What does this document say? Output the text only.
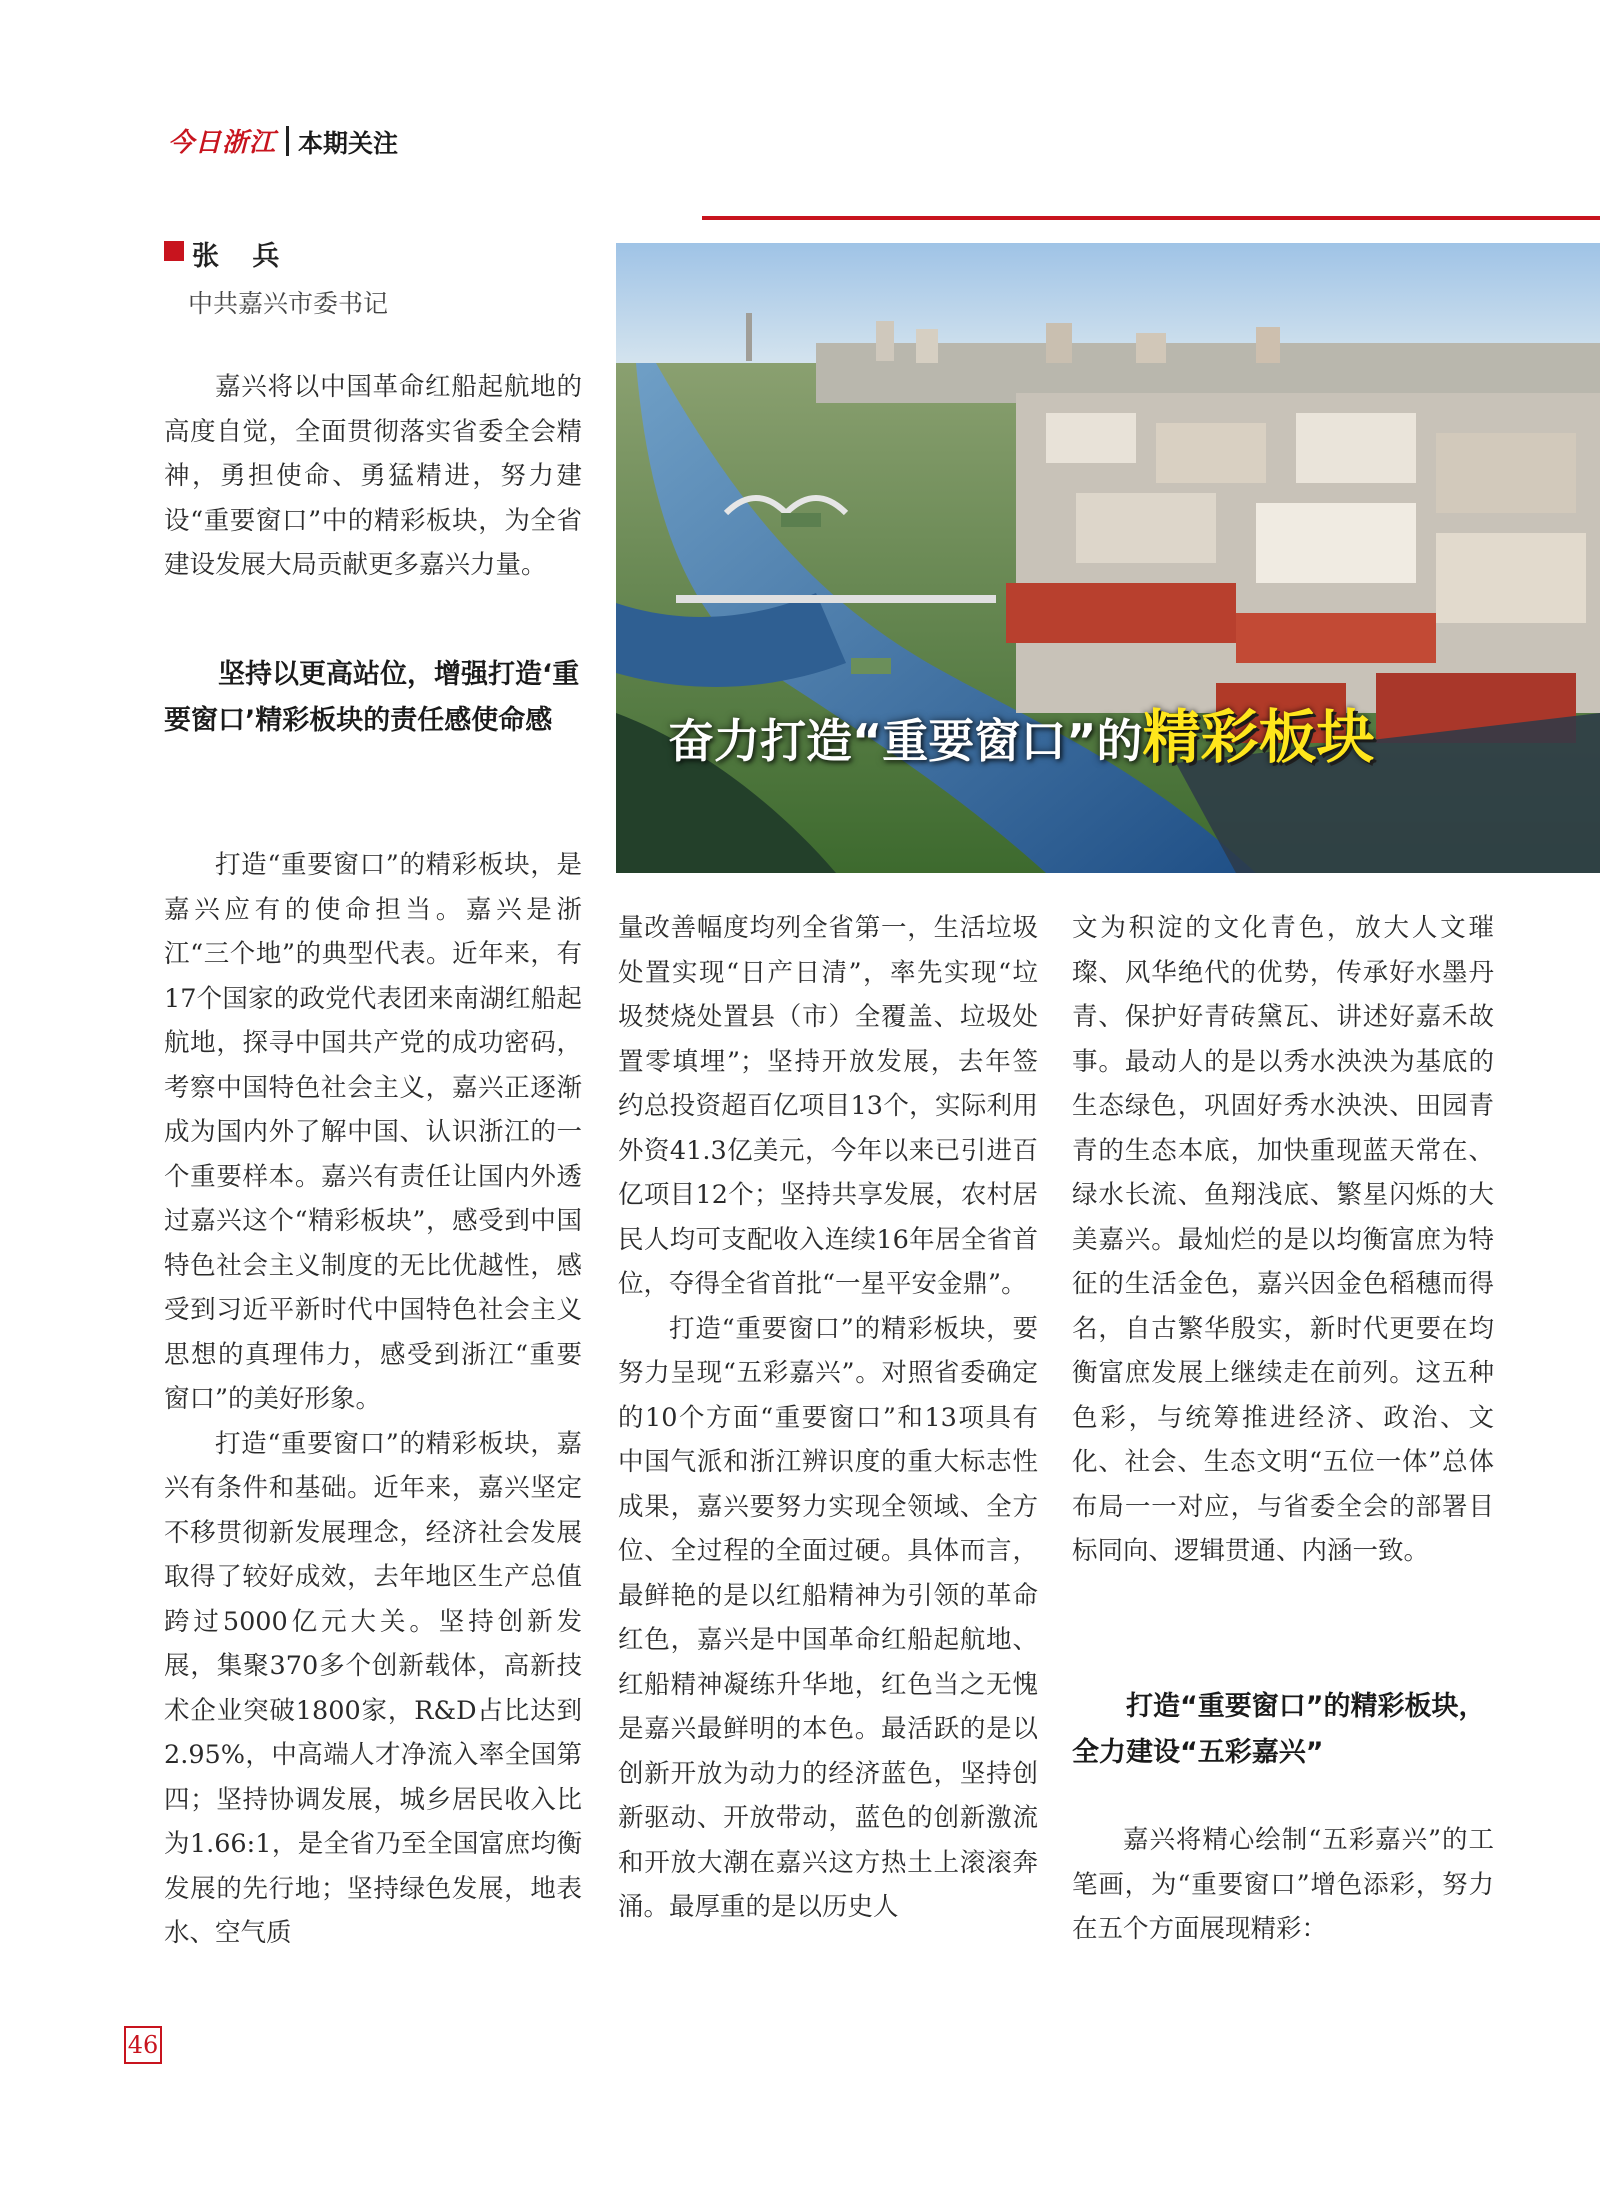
今日浙江 本期关注
张 兵
中共嘉兴市委书记

嘉兴将以中国革命红船起航地的高度自觉，全面贯彻落实省委全会精神，勇担使命、勇猛精进，努力建设“重要窗口”中的精彩板块，为全省建设发展大局贡献更多嘉兴力量。

坚持以更高站位，增强打造‘重要窗口’精彩板块的责任感使命感

打造“重要窗口”的精彩板块，是嘉兴应有的使命担当。嘉兴是浙江“三个地”的典型代表。近年来，有17个国家的政党代表团来南湖红船起航地，探寻中国共产党的成功密码，考察中国特色社会主义，嘉兴正逐渐成为国内外了解中国、认识浙江的一个重要样本。嘉兴有责任让国内外透过嘉兴这个“精彩板块”，感受到中国特色社会主义制度的无比优越性，感受到习近平新时代中国特色社会主义思想的真理伟力，感受到浙江“重要窗口”的美好形象。

打造“重要窗口”的精彩板块，嘉兴有条件和基础。近年来，嘉兴坚定不移贯彻新发展理念，经济社会发展取得了较好成效，去年地区生产总值跨过5000亿元大关。坚持创新发展，集聚370多个创新载体，高新技术企业突破1800家，R&D占比达到2.95%，中高端人才净流入率全国第四；坚持协调发展，城乡居民收入比为1.66:1，是全省乃至全国富庶均衡发展的先行地；坚持绿色发展，地表水、空气质

奋力打造“重要窗口”的精彩板块

量改善幅度均列全省第一，生活垃圾处置实现“日产日清”，率先实现“垃圾焚烧处置县（市）全覆盖、垃圾处置零填埋”；坚持开放发展，去年签约总投资超百亿项目13个，实际利用外资41.3亿美元，今年以来已引进百亿项目12个；坚持共享发展，农村居民人均可支配收入连续16年居全省首位，夺得全省首批“一星平安金鼎”。

打造“重要窗口”的精彩板块，要努力呈现“五彩嘉兴”。对照省委确定的10个方面“重要窗口”和13项具有中国气派和浙江辨识度的重大标志性成果，嘉兴要努力实现全领域、全方位、全过程的全面过硬。具体而言，最鲜艳的是以红船精神为引领的革命红色，嘉兴是中国革命红船起航地、红船精神凝练升华地，红色当之无愧是嘉兴最鲜明的本色。最活跃的是以创新开放为动力的经济蓝色，坚持创新驱动、开放带动，蓝色的创新激流和开放大潮在嘉兴这方热土上滚滚奔涌。最厚重的是以历史人

文为积淀的文化青色，放大人文璀璨、风华绝代的优势，传承好水墨丹青、保护好青砖黛瓦、讲述好嘉禾故事。最动人的是以秀水泱泱为基底的生态绿色，巩固好秀水泱泱、田园青青的生态本底，加快重现蓝天常在、绿水长流、鱼翔浅底、繁星闪烁的大美嘉兴。最灿烂的是以均衡富庶为特征的生活金色，嘉兴因金色稻穗而得名，自古繁华殷实，新时代更要在均衡富庶发展上继续走在前列。这五种色彩，与统筹推进经济、政治、文化、社会、生态文明“五位一体”总体布局一一对应，与省委全会的部署目标同向、逻辑贯通、内涵一致。

打造“重要窗口”的精彩板块，全力建设“五彩嘉兴”

嘉兴将精心绘制“五彩嘉兴”的工笔画，为“重要窗口”增色添彩，努力在五个方面展现精彩：

46
